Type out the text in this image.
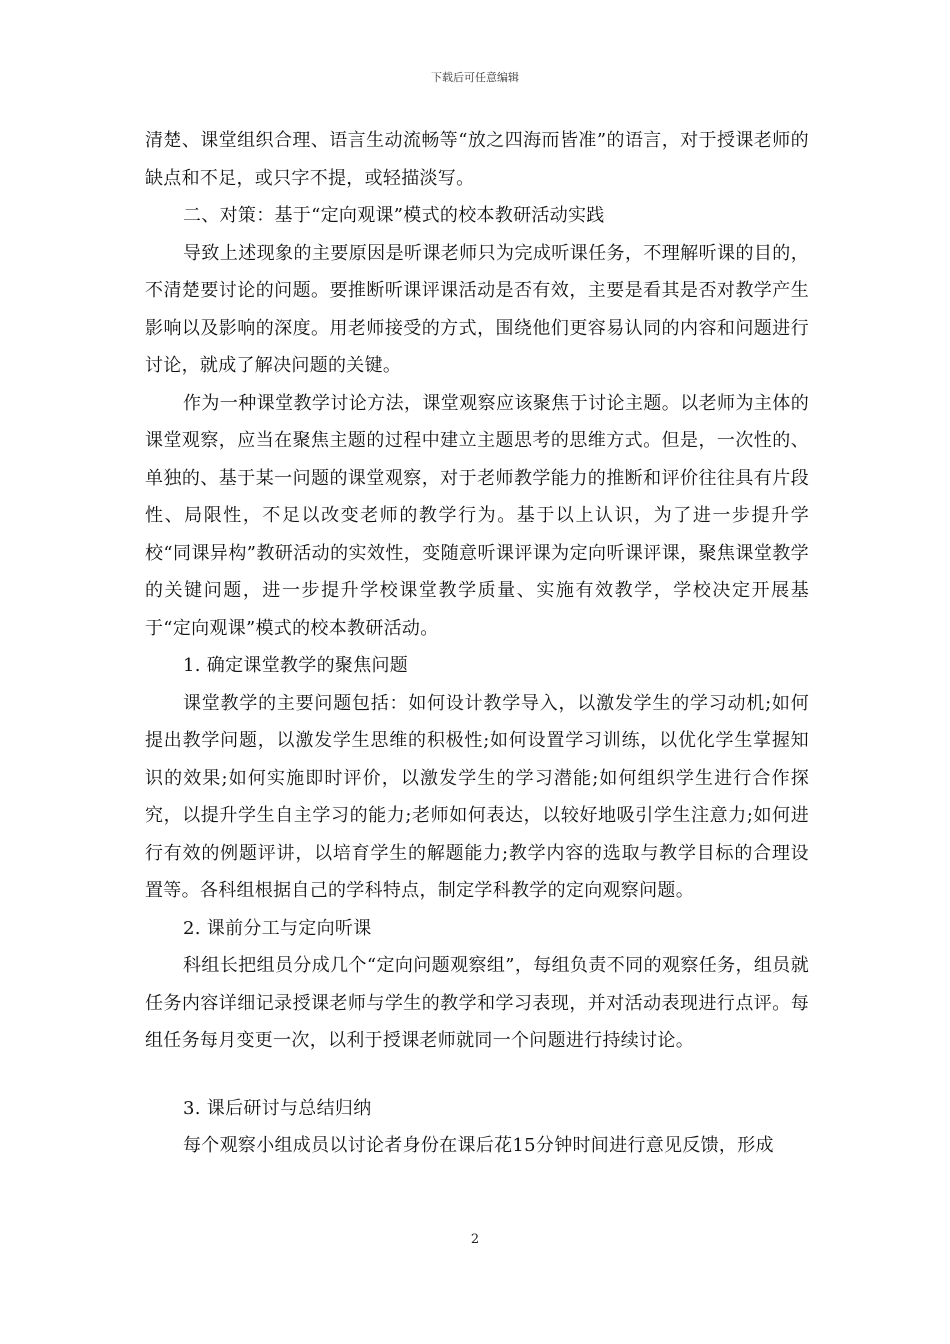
下载后可任意编辑

清楚、课堂组织合理、语言生动流畅等“放之四海而皆准”的语言，对于授课老师的缺点和不足，或只字不提，或轻描淡写。

二、对策：基于“定向观课”模式的校本教研活动实践

导致上述现象的主要原因是听课老师只为完成听课任务，不理解听课的目的，不清楚要讨论的问题。要推断听课评课活动是否有效，主要是看其是否对教学产生影响以及影响的深度。用老师接受的方式，围绕他们更容易认同的内容和问题进行讨论，就成了解决问题的关键。

作为一种课堂教学讨论方法，课堂观察应该聚焦于讨论主题。以老师为主体的课堂观察，应当在聚焦主题的过程中建立主题思考的思维方式。但是，一次性的、单独的、基于某一问题的课堂观察，对于老师教学能力的推断和评价往往具有片段性、局限性，不足以改变老师的教学行为。基于以上认识，为了进一步提升学校“同课异构”教研活动的实效性，变随意听课评课为定向听课评课，聚焦课堂教学的关键问题，进一步提升学校课堂教学质量、实施有效教学，学校决定开展基于“定向观课”模式的校本教研活动。

1. 确定课堂教学的聚焦问题

课堂教学的主要问题包括：如何设计教学导入，以激发学生的学习动机;如何提出教学问题，以激发学生思维的积极性;如何设置学习训练，以优化学生掌握知识的效果;如何实施即时评价，以激发学生的学习潜能;如何组织学生进行合作探究，以提升学生自主学习的能力;老师如何表达，以较好地吸引学生注意力;如何进行有效的例题评讲，以培育学生的解题能力;教学内容的选取与教学目标的合理设置等。各科组根据自己的学科特点，制定学科教学的定向观察问题。

2. 课前分工与定向听课

科组长把组员分成几个“定向问题观察组”，每组负责不同的观察任务，组员就任务内容详细记录授课老师与学生的教学和学习表现，并对活动表现进行点评。每组任务每月变更一次，以利于授课老师就同一个问题进行持续讨论。

3. 课后研讨与总结归纳

每个观察小组成员以讨论者身份在课后花15分钟时间进行意见反馈，形成

2
